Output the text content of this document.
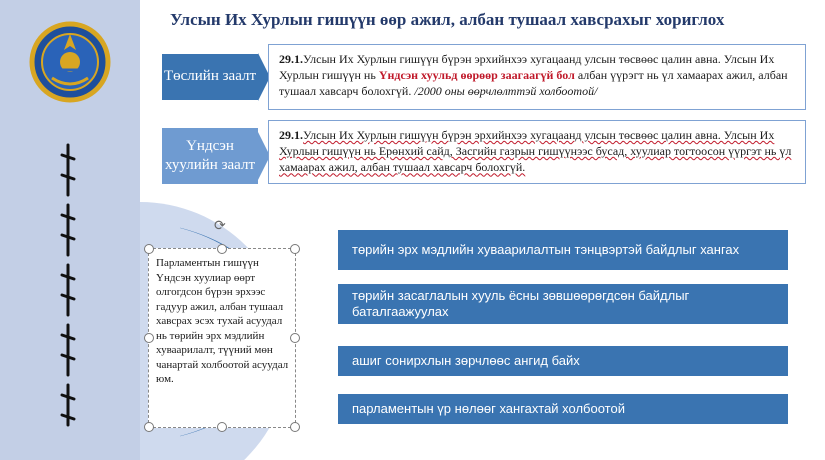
Улсын Их Хурлын гишүүн өөр ажил, албан тушаал хавсрахыг хориглох
Төслийн заалт
Үндсэн хуулийн заалт
29.1.Улсын Их Хурлын гишүүн бүрэн эрхийнхээ хугацаанд улсын төсвөөс цалин авна. Улсын Их Хурлын гишүүн нь Үндсэн хуульд өөрөөр заагаагүй бол албан үүрэгт нь үл хамаарах ажил, албан тушаал хавсарч болохгүй. /2000 оны өөрчлөлттэй холбоотой/
29.1.Улсын Их Хурлын гишүүн бүрэн эрхийнхээ хугацаанд улсын төсвөөс цалин авна. Улсын Их Хурлын гишүүн нь Ерөнхий сайд, Засгийн газрын гишүүнээс бусад, хуулиар тогтоосон үүргэт нь үл хамаарах ажил, албан тушаал хавсарч болохгүй.
⟳
Парламентын гишүүн Үндсэн хуулиар өөрт олгогдсон бүрэн эрхээс гадуур ажил, албан тушаал хавсрах эсэх тухай асуудал нь төрийн эрх мэдлийн хуваарилалт, түүний мөн чанартай холбоотой асуудал юм.
төрийн эрх мэдлийн хуваарилалтын тэнцвэртэй байдлыг хангах
төрийн засаглалын хууль ёсны зөвшөөрөгдсөн байдлыг баталгаажуулах
ашиг сонирхлын зөрчлөөс ангид байх
парламентын үр нөлөөг хангахтай холбоотой
